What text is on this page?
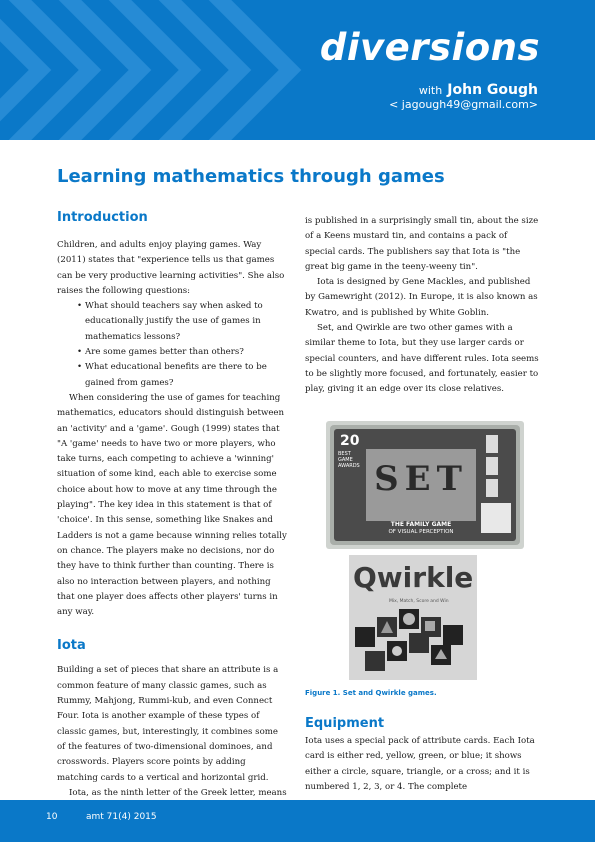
diversions
with John Gough
< jagough49@gmail.com>
Learning mathematics through games
Introduction

Children, and adults enjoy playing games. Way (2011) states that "experience tells us that games can be very productive learning activities". She also raises the following questions:

• What should teachers say when asked to educationally justify the use of games in mathematics lessons?
• Are some games better than others?
• What educational benefits are there to be gained from games?

When considering the use of games for teaching mathematics, educators should distinguish between an 'activity' and a 'game'. Gough (1999) states that "A 'game' needs to have two or more players, who take turns, each competing to achieve a 'winning' situation of some kind, each able to exercise some choice about how to move at any time through the playing". The key idea in this statement is that of 'choice'. In this sense, something like Snakes and Ladders is not a game because winning relies totally on chance. The players make no decisions, nor do they have to think further than counting. There is also no interaction between players, and nothing that one player does affects other players' turns in any way.

Iota

Building a set of pieces that share an attribute is a common feature of many classic games, such as Rummy, Mahjong, Rummi-kub, and even Connect Four. Iota is another example of these types of classic games, but, interestingly, it combines some of the features of two-dimensional dominoes, and crosswords. Players score points by adding matching cards to a vertical and horizontal grid.

Iota, as the ninth letter of the Greek letter, means

is published in a surprisingly small tin, about the size of a Keens mustard tin, and contains a pack of special cards. The publishers say that Iota is "the great big game in the teeny-weeny tin".

Iota is designed by Gene Mackles, and published by Gamewright (2012). In Europe, it is also known as Kwatro, and is published by White Goblin.

Set, and Qwirkle are two other games with a similar theme to Iota, but they use larger cards or special counters, and have different rules. Iota seems to be slightly more focused, and fortunately, easier to play, giving it an edge over its close relatives.

20
BEST GAME AWARDS SET
THE FAMILY GAME
OF VISUAL PERCEPTION
Qwirkle
Mix, Match, Score and Win
Figure 1. Set and Qwirkle games.
Equipment

Iota uses a special pack of attribute cards. Each Iota card is either red, yellow, green, or blue; it shows either a circle, square, triangle, or a cross; and it is numbered 1, 2, 3, or 4. The complete

10	amt 71(4) 2015
